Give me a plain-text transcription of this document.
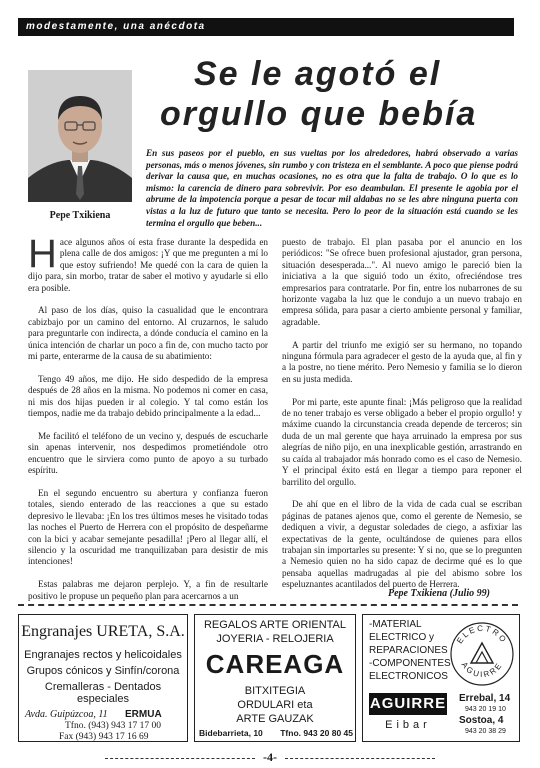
modestamente, una anécdota
Se le agotó el
orgullo que bebía
Pepe Txikiena
En sus paseos por el pueblo, en sus vueltas por los alrededores, habrá observado a varias personas, más o menos jóvenes, sin rumbo y con tristeza en el semblante. A poco que piense podrá derivar la causa que, en muchas ocasiones, no es otra que la falta de trabajo. O lo que es lo mismo: la carencia de dinero para sobrevivir. Por eso deambulan. El presente le agobia por el abrume de la impotencia porque a pesar de tocar mil aldabas no se les abre ninguna puerta con vistas a la luz de futuro que tanto se necesita. Pero lo peor de la situación está cuando se les termina el orgullo que beben...

Hace algunos años oí esta frase durante la despedida en plena calle de dos amigos: ¡Y que me pregunten a mí lo que estoy sufriendo! Me quedé con la cara de quien la dijo para, sin morbo, tratar de saber el motivo y ayudarle si ello era posible.

Al paso de los días, quiso la casualidad que le encontrara cabizbajo por un camino del entorno. Al cruzarnos, le saludo para preguntarle con indirecta, a dónde conducía el camino en la única intención de charlar un poco a fin de, con mucho tacto por mi parte, enterarme de la causa de su abatimiento:

Tengo 49 años, me dijo. He sido despedido de la empresa después de 28 años en la misma. No podemos ni comer en casa, ni mis dos hijas pueden ir al colegio. Y tal como están los tiempos, nadie me da trabajo debido principalmente a la edad...

Me facilitó el teléfono de un vecino y, después de escucharle sin apenas intervenir, nos despedimos prometiéndole otro encuentro que le sirviera como punto de apoyo a su turbado espíritu.

En el segundo encuentro su abertura y confianza fueron totales, siendo enterado de las reacciones a que su estado depresivo le llevaba: ¡En los tres últimos meses he visitado todas las noches el Puerto de Herrera con el propósito de despeñarme con la bici y acabar semejante pesadilla! ¡Pero al llegar allí, el silencio y la oscuridad me tranquilizaban para desistir de mis intenciones!

Estas palabras me dejaron perplejo. Y, a fin de resultarle positivo le propuse un pequeño plan para acercarnos a un

puesto de trabajo. El plan pasaba por el anuncio en los periódicos: "Se ofrece buen profesional ajustador, gran persona, situación desesperada...". Al nuevo amigo le pareció bien la iniciativa a la que siguió todo un éxito, ofreciéndose tres empresarios para contratarle. Por fin, entre los nubarrones de su horizonte vagaba la luz que le condujo a un nuevo trabajo en empresa sólida, para pasar a cierto ambiente personal y familiar, agradable.

A partir del triunfo me exigió ser su hermano, no topando ninguna fórmula para agradecer el gesto de la ayuda que, al fin y a la postre, no tiene mérito. Pero Nemesio y familia se lo dieron en su justa medida.

Por mi parte, este apunte final: ¡Más peligroso que la realidad de no tener trabajo es verse obligado a beber el propio orgullo! y máxime cuando la circunstancia creada depende de terceros; sin duda de un mal gerente que haya arruinado la empresa por sus alegrías de niño pijo, en una inexplicable gestión, arrastrando en su caída al trabajador más honrado como es el caso de Nemesio. Y el principal éxito está en llegar a tiempo para reponer el barrilito del orgullo.

De ahí que en el libro de la vida de cada cual se escriban páginas de patanes ajenos que, como el gerente de Nemesio, se dediquen a vivir, a degustar soledades de ciego, a asfixiar las expectativas de la gente, ocultándose de quienes para ellos trabajan sin importarles su presente: Y si no, que se lo pregunten a Nemesio quien no ha sido capaz de decirme qué es lo que pensaba aquellas madrugadas al pie del abismo sobre los espeluznantes acantilados del puerto de Herrera.

Pepe Txikiena (Julio 99)
Engranajes URETA, S.A.
Engranajes rectos y helicoidales
Grupos cónicos y Sinfín/corona
Cremalleras - Dentados especiales
Avda. Guipúzcoa, 11 ERMUA
Tfno. (943) 943 17 17 00
Fax (943) 943 17 16 69
REGALOS ARTE ORIENTAL
JOYERIA - RELOJERIA
CAREAGA
BITXITEGIA
ORDULARI eta
ARTE GAUZAK
Bidebarrieta, 10 Tfno. 943 20 80 45
-MATERIAL
ELECTRICO y
REPARACIONES
-COMPONENTES
ELECTRONICOS
ELECTRO
AGUIRRE
AGUIRRE
Eibar
Errebal, 14
943 20 19 10
Sostoa, 4
943 20 38 29
-4-
